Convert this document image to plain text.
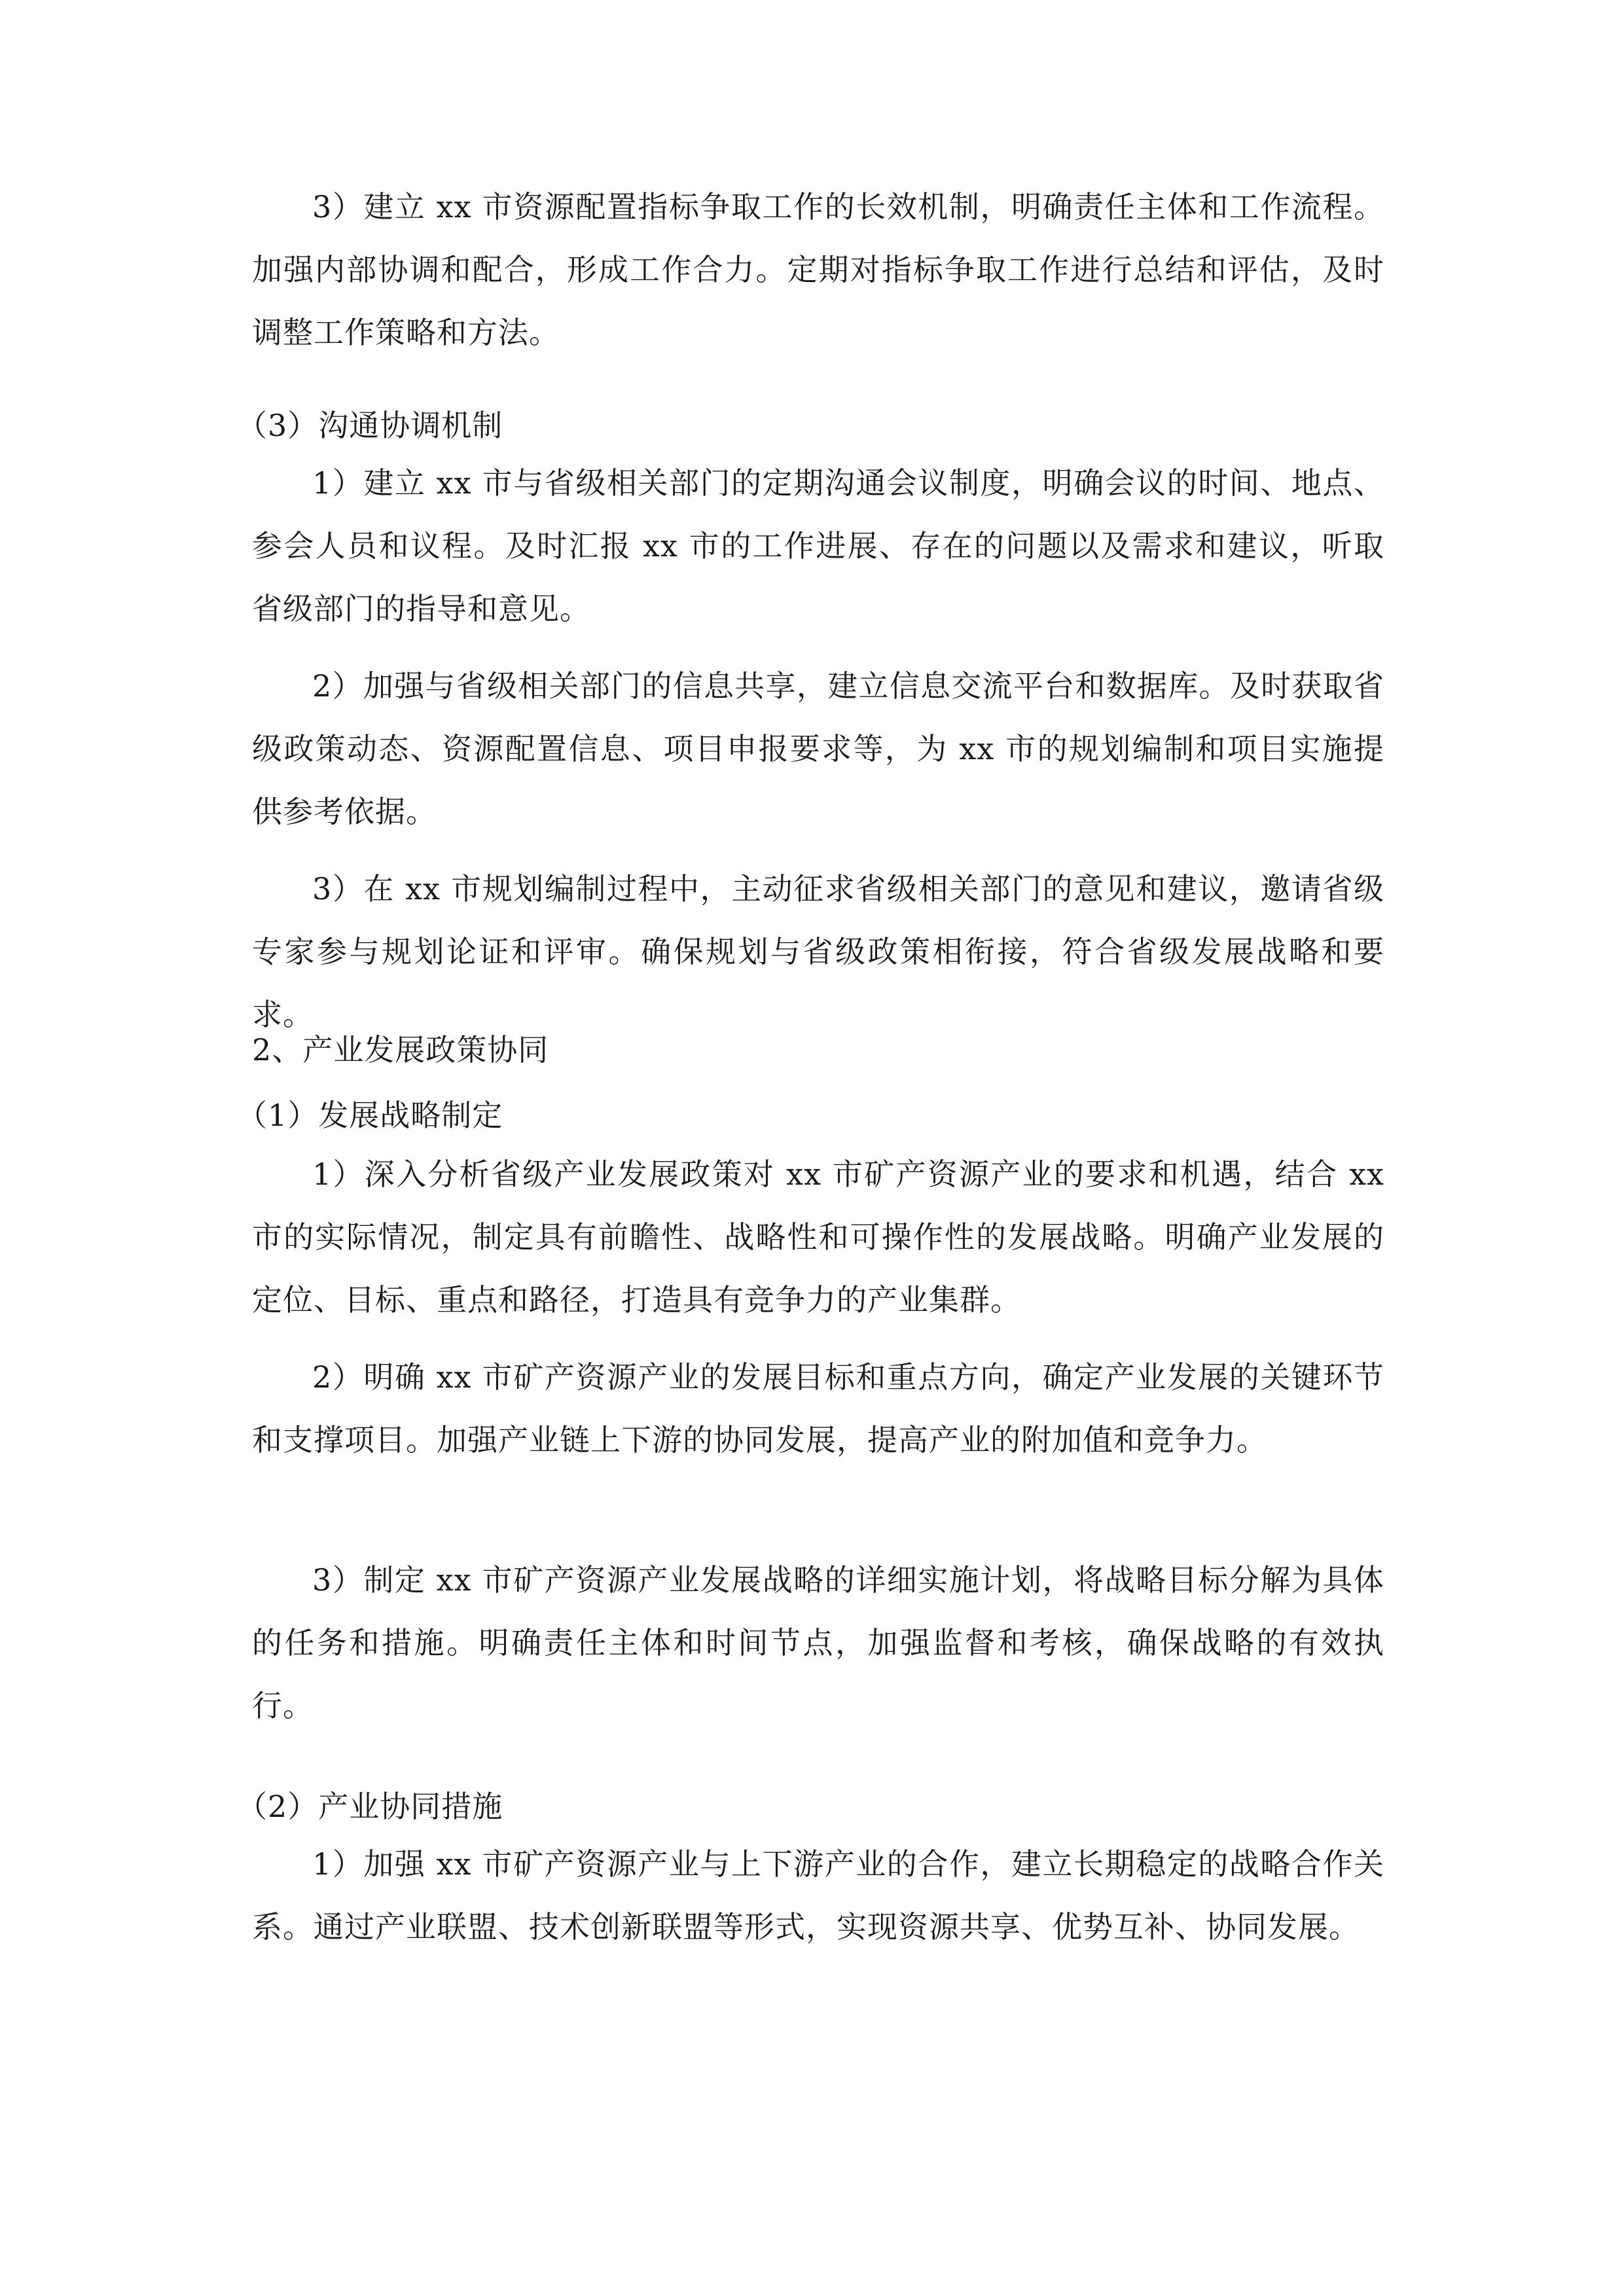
3）建立 xx 市资源配置指标争取工作的长效机制，明确责任主体和工作流程。加强内部协调和配合，形成工作合力。定期对指标争取工作进行总结和评估，及时调整工作策略和方法。

（3）沟通协调机制

1）建立 xx 市与省级相关部门的定期沟通会议制度，明确会议的时间、地点、参会人员和议程。及时汇报 xx 市的工作进展、存在的问题以及需求和建议，听取省级部门的指导和意见。

2）加强与省级相关部门的信息共享，建立信息交流平台和数据库。及时获取省级政策动态、资源配置信息、项目申报要求等，为 xx 市的规划编制和项目实施提供参考依据。

3）在 xx 市规划编制过程中，主动征求省级相关部门的意见和建议，邀请省级专家参与规划论证和评审。确保规划与省级政策相衔接，符合省级发展战略和要求。

2、产业发展政策协同

（1）发展战略制定

1）深入分析省级产业发展政策对 xx 市矿产资源产业的要求和机遇，结合 xx 市的实际情况，制定具有前瞻性、战略性和可操作性的发展战略。明确产业发展的定位、目标、重点和路径，打造具有竞争力的产业集群。

2）明确 xx 市矿产资源产业的发展目标和重点方向，确定产业发展的关键环节和支撑项目。加强产业链上下游的协同发展，提高产业的附加值和竞争力。

3）制定 xx 市矿产资源产业发展战略的详细实施计划，将战略目标分解为具体的任务和措施。明确责任主体和时间节点，加强监督和考核，确保战略的有效执行。

（2）产业协同措施

1）加强 xx 市矿产资源产业与上下游产业的合作，建立长期稳定的战略合作关系。通过产业联盟、技术创新联盟等形式，实现资源共享、优势互补、协同发展。
